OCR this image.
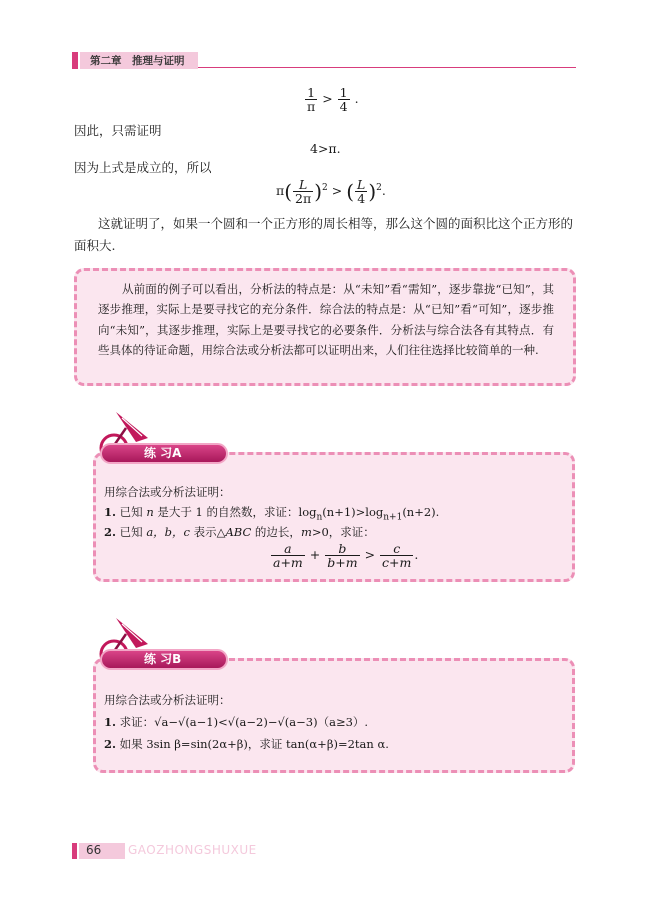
第二章　推理与证明
$\frac{1}{\pi} > \frac{1}{4}$ .
因此，只需证明
4>π.
因为上式是成立的，所以
$\pi( \frac{L}{2\pi} )^2$ > ( $\frac{L}{4} )^2$.
这就证明了，如果一个圆和一个正方形的周长相等，那么这个圆的面积比这个正方形的面积大.
从前面的例子可以看出，分析法的特点是：从“未知”看“需知”，逐步靠拢“已知”，其逐步推理，实际上是要寻找它的充分条件．综合法的特点是：从“已知”看“可知”，逐步推向“未知”，其逐步推理，实际上是要寻找它的必要条件．分析法与综合法各有其特点．有些具体的待证命题，用综合法或分析法都可以证明出来，人们往往选择比较简单的一种.
练 习A
用综合法或分析法证明：
1. 已知 n 是大于 1 的自然数，求证：$\log_n(n+1)>\log_{n+1}(n+2)$.
2. 已知 a，b，c 表示△ABC 的边长，m>0，求证：
$\frac{a}{a+m} + \frac{b}{b+m} > \frac{c}{c+m}$ .
练 习B
用综合法或分析法证明：
1. 求证：√a−√(a−1)<√(a−2)−√(a−3)（a≥3）.
2. 如果 3sin β=sin(2α+β)，求证 tan(α+β)=2tan α.
66 GAOZHONGSHUXUE
